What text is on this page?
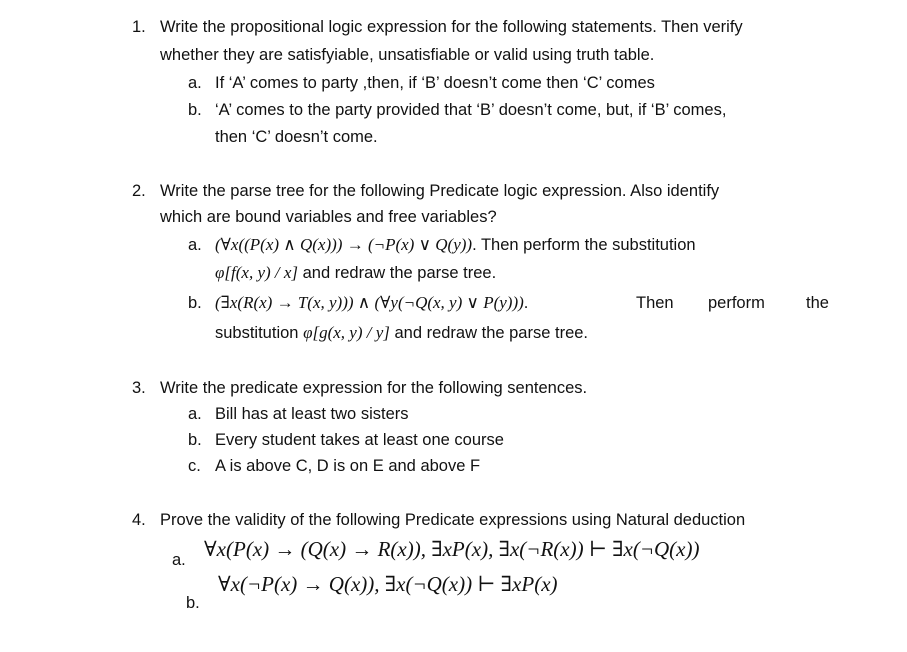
1. Write the propositional logic expression for the following statements. Then verify
whether they are satisfyiable, unsatisfiable or valid using truth table.
a. If ‘A’ comes to party ,then, if ‘B’ doesn’t come then ‘C’ comes
b. ‘A’ comes to the party provided that ‘B’ doesn’t come, but, if ‘B’ comes,
then ‘C’ doesn’t come.
2. Write the parse tree for the following Predicate logic expression. Also identify
which are bound variables and free variables?
a. (∀x((P(x) ∧ Q(x))) → (¬P(x) ∨ Q(y)). Then perform the substitution
φ[f(x, y) / x] and redraw the parse tree.
b. (∃x(R(x) → T(x, y))) ∧ (∀y(¬Q(x, y) ∨ P(y))).	Then perform the
substitution φ[g(x, y) / y] and redraw the parse tree.
3. Write the predicate expression for the following sentences.
a. Bill has at least two sisters
b. Every student takes at least one course
c. A is above C, D is on E and above F
4. Prove the validity of the following Predicate expressions using Natural deduction
a. ∀x(P(x) → (Q(x) → R(x)), ∃xP(x), ∃x(¬R(x)) ⊢ ∃x(¬Q(x))
b.
∀x(¬P(x) → Q(x)), ∃x(¬Q(x)) ⊢ ∃xP(x)
